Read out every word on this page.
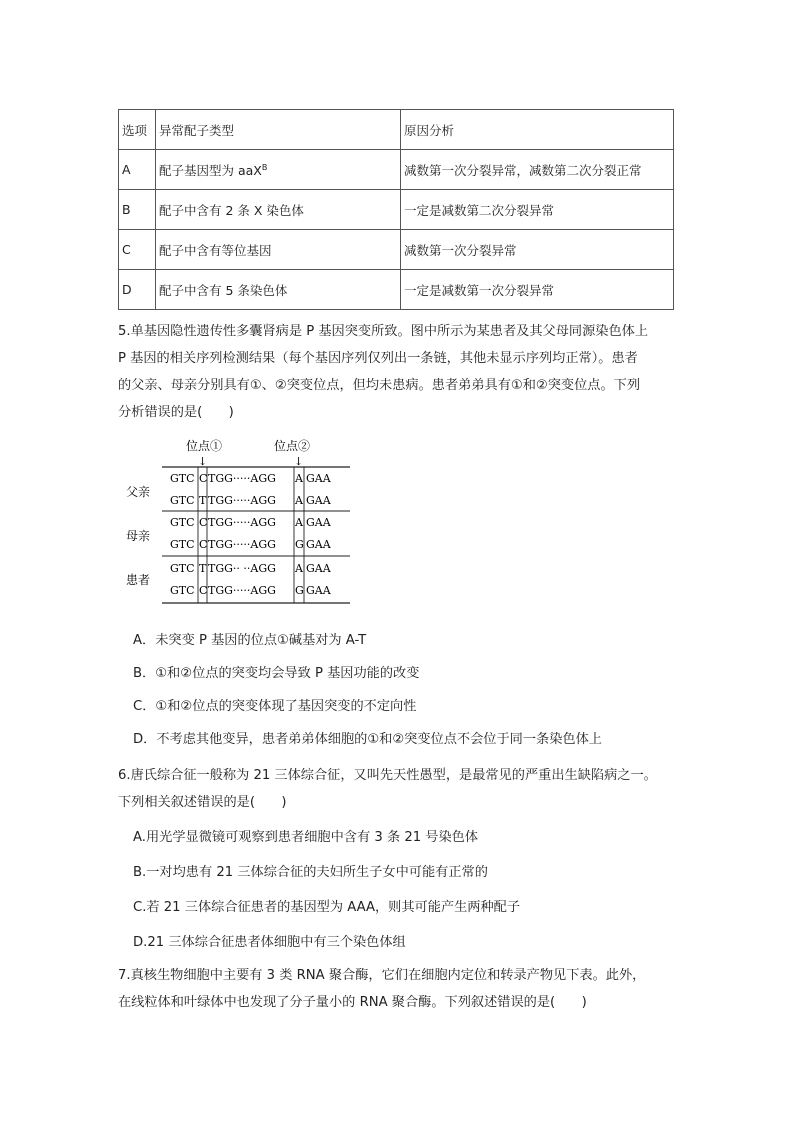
选项	异常配子类型	原因分析
A	配子基因型为 aaX$^B$	减数第一次分裂异常，减数第二次分裂正常
B	配子中含有 2 条 X 染色体	一定是减数第二次分裂异常
C	配子中含有等位基因	减数第一次分裂异常
D	配子中含有 5 条染色体	一定是减数第一次分裂异常

5.单基因隐性遗传性多囊肾病是 P 基因突变所致。图中所示为某患者及其父母同源染色体上

P 基因的相关序列检测结果（每个基因序列仅列出一条链，其他未显示序列均正常）。患者

的父亲、母亲分别具有①、②突变位点，但均未患病。患者弟弟具有①和②突变位点。下列

分析错误的是(　　)

位点①	位点②
↓	↓
父亲
母亲
患者
GTC C TGG·····AGG A GAA
GTC T TGG·····AGG A GAA
GTC C TGG·····AGG A GAA
GTC C TGG·····AGG G GAA
GTC T TGG·· ··AGG A GAA
GTC C TGG·····AGG G GAA

A．未突变 P 基因的位点①碱基对为 A-T

B．①和②位点的突变均会导致 P 基因功能的改变

C．①和②位点的突变体现了基因突变的不定向性

D．不考虑其他变异，患者弟弟体细胞的①和②突变位点不会位于同一条染色体上

6.唐氏综合征一般称为 21 三体综合征，又叫先天性愚型，是最常见的严重出生缺陷病之一。

下列相关叙述错误的是(　　)

A.用光学显微镜可观察到患者细胞中含有 3 条 21 号染色体

B.一对均患有 21 三体综合征的夫妇所生子女中可能有正常的

C.若 21 三体综合征患者的基因型为 AAA，则其可能产生两种配子

D.21 三体综合征患者体细胞中有三个染色体组

7.真核生物细胞中主要有 3 类 RNA 聚合酶，它们在细胞内定位和转录产物见下表。此外，

在线粒体和叶绿体中也发现了分子量小的 RNA 聚合酶。下列叙述错误的是(　　)
